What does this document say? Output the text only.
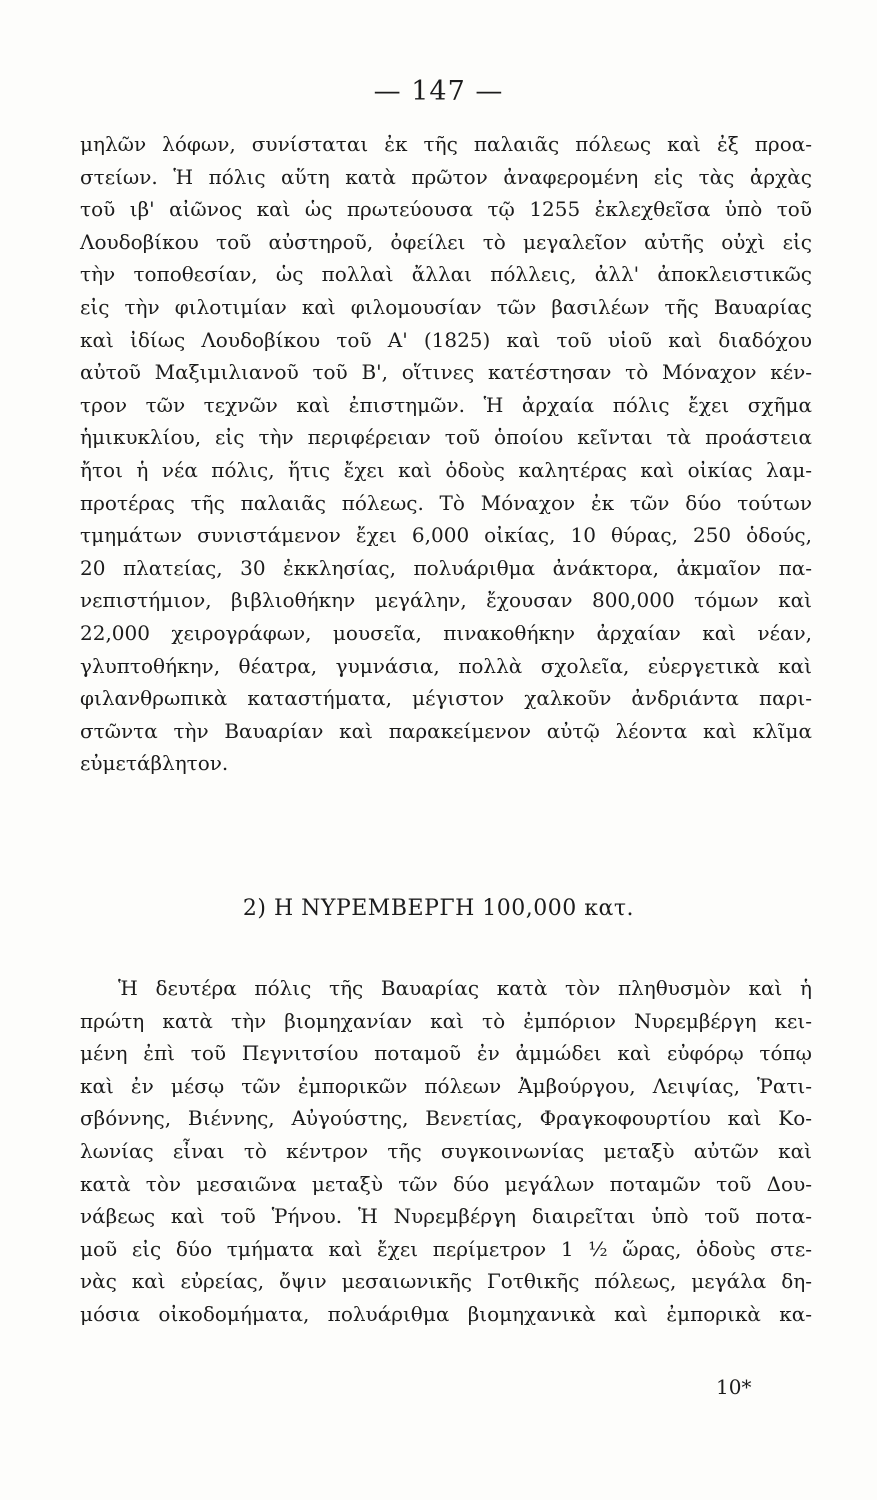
— 147 —
μηλῶν λόφων, συνίσταται ἐκ τῆς παλαιᾶς πόλεως καὶ ἐξ προα-
στείων. Ἡ πόλις αὕτη κατὰ πρῶτον ἀναφερομένη εἰς τὰς ἀρχὰς
τοῦ ιβ' αἰῶνος καὶ ὡς πρωτεύουσα τῷ 1255 ἐκλεχθεῖσα ὑπὸ τοῦ
Λουδοβίκου τοῦ αὐστηροῦ, ὀφείλει τὸ μεγαλεῖον αὐτῆς οὐχὶ εἰς
τὴν τοποθεσίαν, ὡς πολλαὶ ἄλλαι πόλλεις, ἀλλ' ἀποκλειστικῶς
εἰς τὴν φιλοτιμίαν καὶ φιλομουσίαν τῶν βασιλέων τῆς Βαυαρίας
καὶ ἰδίως Λουδοβίκου τοῦ Α' (1825) καὶ τοῦ υἱοῦ καὶ διαδόχου
αὐτοῦ Μαξιμιλιανοῦ τοῦ Β', οἵτινες κατέστησαν τὸ Μόναχον κέν-
τρον τῶν τεχνῶν καὶ ἐπιστημῶν. Ἡ ἀρχαία πόλις ἔχει σχῆμα
ἡμικυκλίου, εἰς τὴν περιφέρειαν τοῦ ὁποίου κεῖνται τὰ προάστεια
ἤτοι ἡ νέα πόλις, ἥτις ἔχει καὶ ὁδοὺς καλητέρας καὶ οἰκίας λαμ-
προτέρας τῆς παλαιᾶς πόλεως. Τὸ Μόναχον ἐκ τῶν δύο τούτων
τμημάτων συνιστάμενον ἔχει 6,000 οἰκίας, 10 θύρας, 250 ὁδούς,
20 πλατείας, 30 ἐκκλησίας, πολυάριθμα ἀνάκτορα, ἀκμαῖον πα-
νεπιστήμιον, βιβλιοθήκην μεγάλην, ἔχουσαν 800,000 τόμων καὶ
22,000 χειρογράφων, μουσεῖα, πινακοθήκην ἀρχαίαν καὶ νέαν,
γλυπτοθήκην, θέατρα, γυμνάσια, πολλὰ σχολεῖα, εὐεργετικὰ καὶ
φιλανθρωπικὰ καταστήματα, μέγιστον χαλκοῦν ἀνδριάντα παρι-
στῶντα τὴν Βαυαρίαν καὶ παρακείμενον αὐτῷ λέοντα καὶ κλῖμα
εὐμετάβλητον.
2) Η ΝΥΡΕΜΒΕΡΓΗ 100,000 κατ.
Ἡ δευτέρα πόλις τῆς Βαυαρίας κατὰ τὸν πληθυσμὸν καὶ ἡ
πρώτη κατὰ τὴν βιομηχανίαν καὶ τὸ ἐμπόριον Νυρεμβέργη κει-
μένη ἐπὶ τοῦ Πεγνιτσίου ποταμοῦ ἐν ἀμμώδει καὶ εὐφόρῳ τόπῳ
καὶ ἐν μέσῳ τῶν ἐμπορικῶν πόλεων Ἀμβούργου, Λειψίας, Ῥατι-
σβόννης, Βιέννης, Αὐγούστης, Βενετίας, Φραγκοφουρτίου καὶ Κο-
λωνίας εἶναι τὸ κέντρον τῆς συγκοινωνίας μεταξὺ αὐτῶν καὶ
κατὰ τὸν μεσαιῶνα μεταξὺ τῶν δύο μεγάλων ποταμῶν τοῦ Δου-
νάβεως καὶ τοῦ Ῥήνου. Ἡ Νυρεμβέργη διαιρεῖται ὑπὸ τοῦ ποτα-
μοῦ εἰς δύο τμήματα καὶ ἔχει περίμετρον 1 ½ ὥρας, ὁδοὺς στε-
νὰς καὶ εὐρείας, ὄψιν μεσαιωνικῆς Γοτθικῆς πόλεως, μεγάλα δη-
μόσια οἰκοδομήματα, πολυάριθμα βιομηχανικὰ καὶ ἐμπορικὰ κα-
10*
